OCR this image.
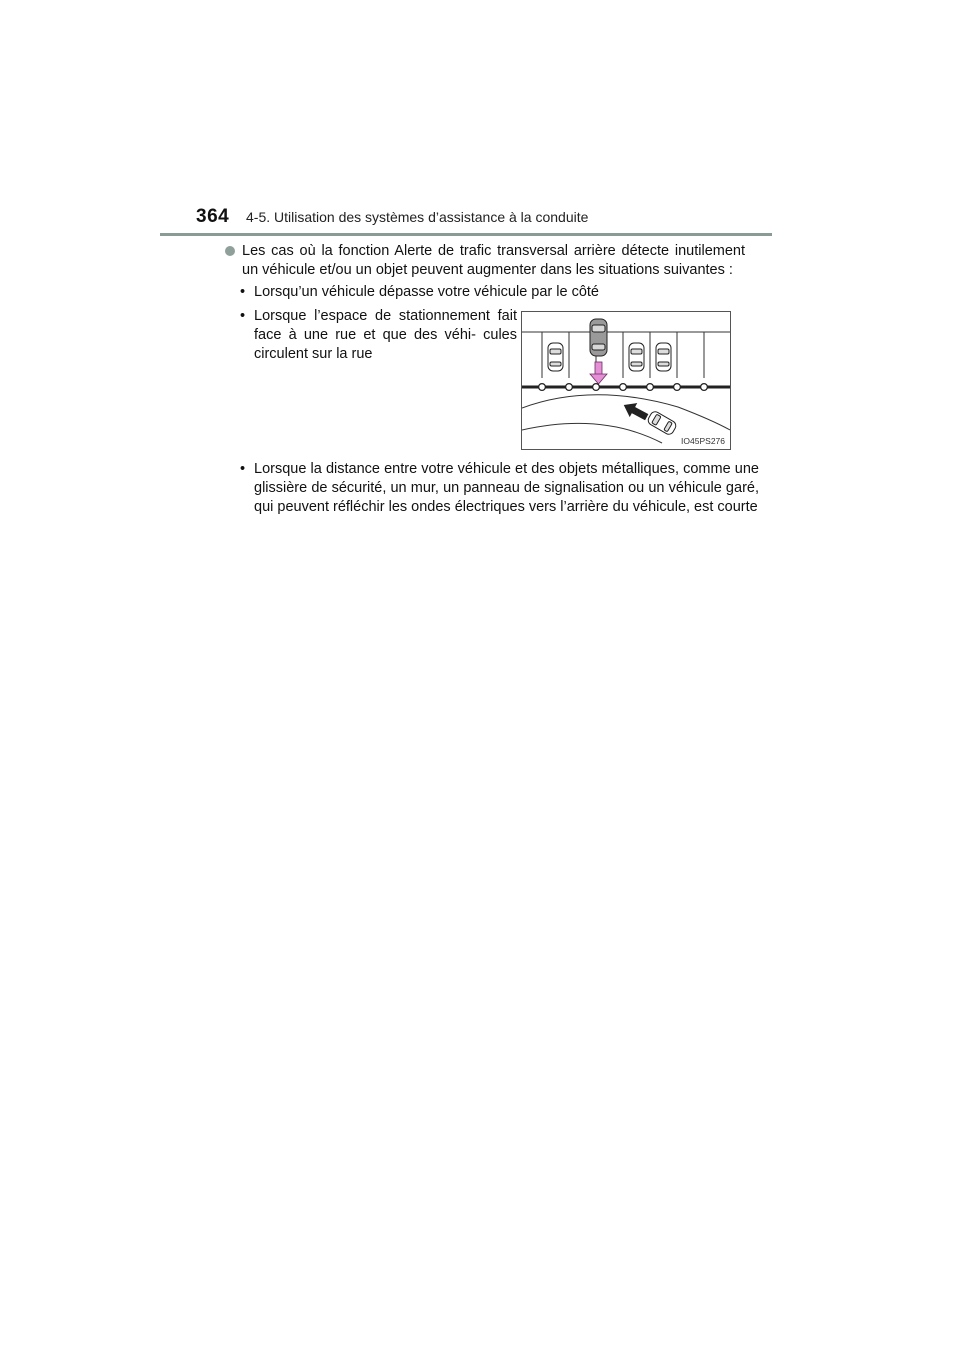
364 4-5. Utilisation des systèmes d’assistance à la conduite
Les cas où la fonction Alerte de trafic transversal arrière détecte inutilement un véhicule et/ou un objet peuvent augmenter dans les situations suivantes :
• Lorsqu’un véhicule dépasse votre véhicule par le côté
• Lorsque l’espace de stationnement fait face à une rue et que des véhi- cules circulent sur la rue
• Lorsque la distance entre votre véhicule et des objets métalliques, comme une glissière de sécurité, un mur, un panneau de signalisation ou un véhicule garé, qui peuvent réfléchir les ondes électriques vers l’arrière du véhicule, est courte
IO45PS276
